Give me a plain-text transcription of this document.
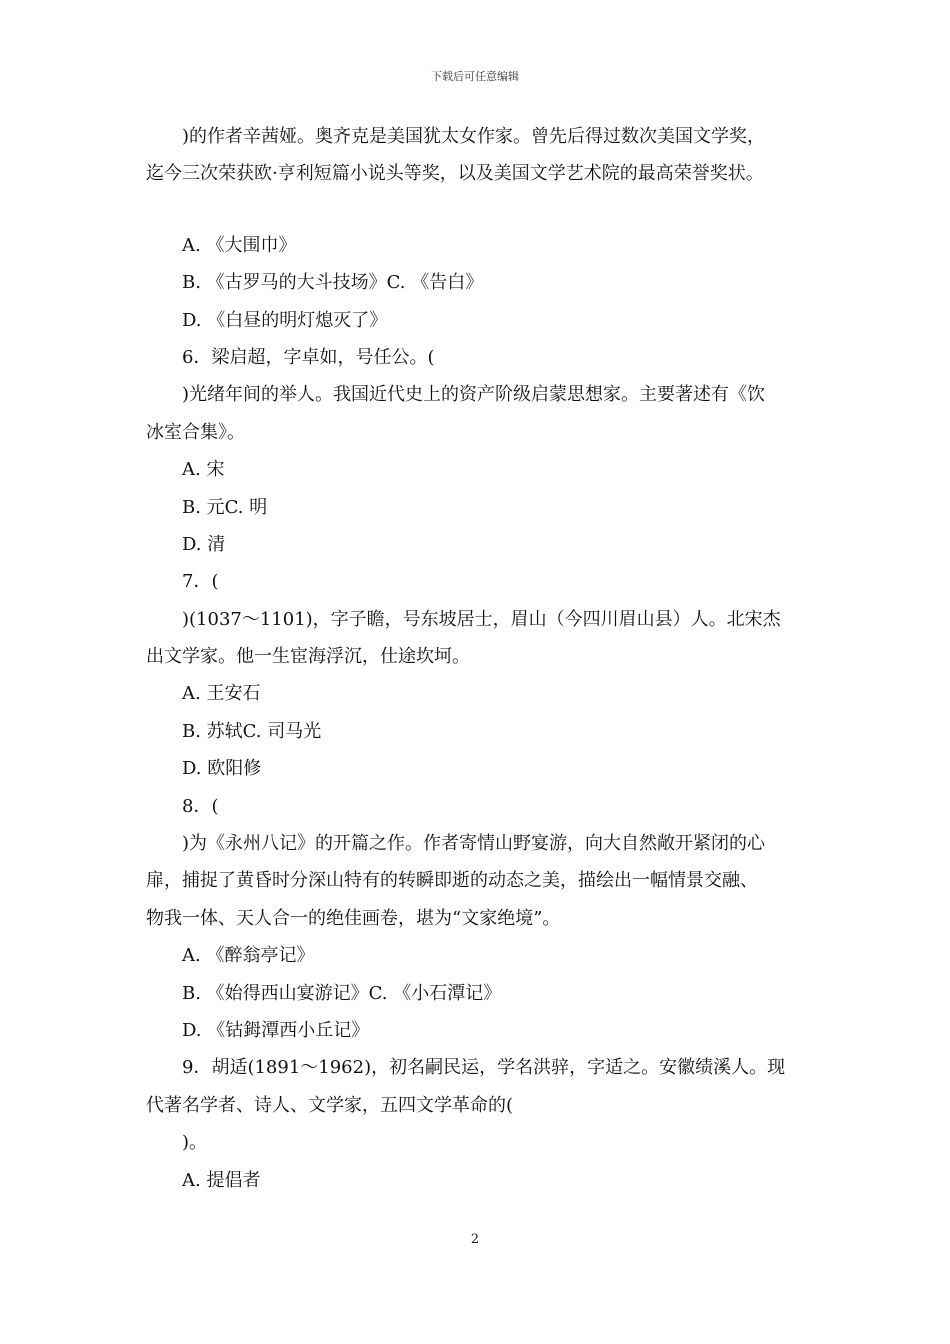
下载后可任意编辑
)的作者辛茜娅。奥齐克是美国犹太女作家。曾先后得过数次美国文学奖，
迄今三次荣获欧·亨利短篇小说头等奖，以及美国文学艺术院的最高荣誉奖状。
A. 《大围巾》
B. 《古罗马的大斗技场》C. 《告白》
D. 《白昼的明灯熄灭了》
6．梁启超，字卓如，号任公。(
)光绪年间的举人。我国近代史上的资产阶级启蒙思想家。主要著述有《饮
冰室合集》。
A. 宋
B. 元C. 明
D. 清
7．(
)(1037～1101)，字子瞻，号东坡居士，眉山（今四川眉山县）人。北宋杰
出文学家。他一生宦海浮沉，仕途坎坷。
A. 王安石
B. 苏轼C. 司马光
D. 欧阳修
8．(
)为《永州八记》的开篇之作。作者寄情山野宴游，向大自然敞开紧闭的心
扉，捕捉了黄昏时分深山特有的转瞬即逝的动态之美，描绘出一幅情景交融、
物我一体、天人合一的绝佳画卷，堪为“文家绝境”。
A. 《醉翁亭记》
B. 《始得西山宴游记》C. 《小石潭记》
D. 《钴鉧潭西小丘记》
9．胡适(1891～1962)，初名嗣民运，学名洪骍，字适之。安徽绩溪人。现
代著名学者、诗人、文学家，五四文学革命的(
)。
A. 提倡者
2
